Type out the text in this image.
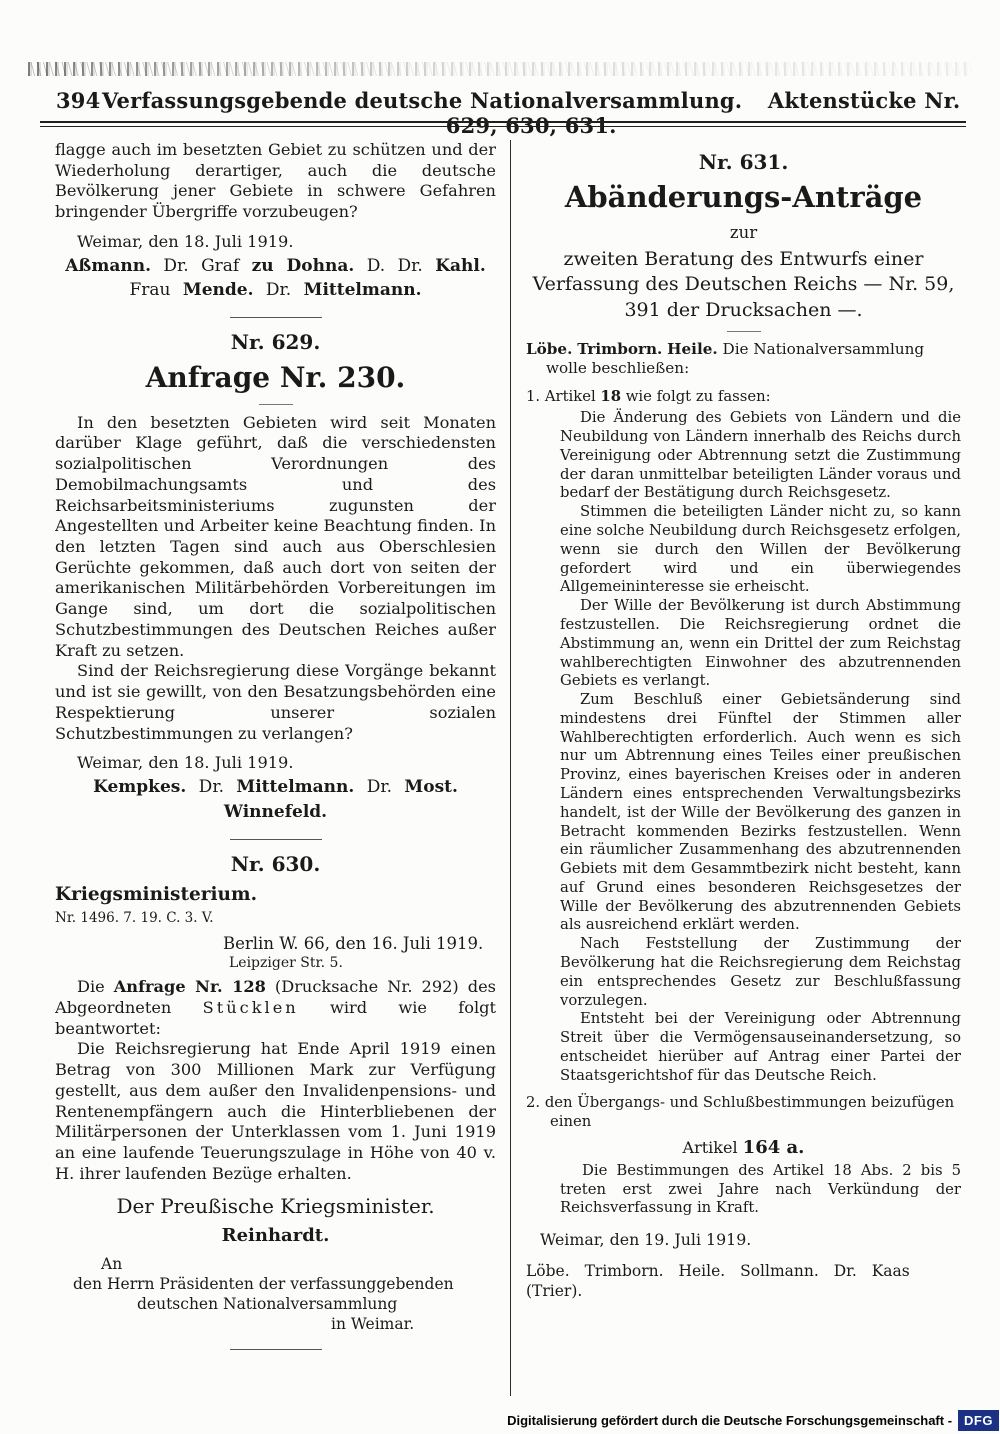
394 Verfassungsgebende deutsche Nationalversammlung. Aktenstücke Nr. 629, 630, 631.

flagge auch im besetzten Gebiet zu schützen und der Wiederholung derartiger, auch die deutsche Bevölkerung jener Gebiete in schwere Gefahren bringender Übergriffe vorzubeugen?

Weimar, den 18. Juli 1919.

Aßmann. Dr. Graf zu Dohna. D. Dr. Kahl.

Frau Mende. Dr. Mittelmann.

Nr. 629.

Anfrage Nr. 230.

In den besetzten Gebieten wird seit Monaten darüber Klage geführt, daß die verschiedensten sozialpolitischen Verordnungen des Demobilmachungsamts und des Reichsarbeitsministeriums zugunsten der Angestellten und Arbeiter keine Beachtung finden. In den letzten Tagen sind auch aus Oberschlesien Gerüchte gekommen, daß auch dort von seiten der amerikanischen Militärbehörden Vorbereitungen im Gange sind, um dort die sozialpolitischen Schutzbestimmungen des Deutschen Reiches außer Kraft zu setzen.

Sind der Reichsregierung diese Vorgänge bekannt und ist sie gewillt, von den Besatzungsbehörden eine Respektierung unserer sozialen Schutzbestimmungen zu verlangen?

Weimar, den 18. Juli 1919.

Kempkes. Dr. Mittelmann. Dr. Most.

Winnefeld.

Nr. 630.

Kriegsministerium.

Nr. 1496. 7. 19. C. 3. V.

Berlin W. 66, den 16. Juli 1919.

Leipziger Str. 5.

Die Anfrage Nr. 128 (Drucksache Nr. 292) des Abgeordneten Stücklen wird wie folgt beantwortet:

Die Reichsregierung hat Ende April 1919 einen Betrag von 300 Millionen Mark zur Verfügung gestellt, aus dem außer den Invalidenpensions- und Rentenempfängern auch die Hinterbliebenen der Militärpersonen der Unterklassen vom 1. Juni 1919 an eine laufende Teuerungszulage in Höhe von 40 v. H. ihrer laufenden Bezüge erhalten.

Der Preußische Kriegsminister.

Reinhardt.

An

den Herrn Präsidenten der verfassunggebenden

deutschen Nationalversammlung

in Weimar.

Nr. 631.

Abänderungs-Anträge

zur

zweiten Beratung des Entwurfs einer Verfassung des Deutschen Reichs — Nr. 59, 391 der Drucksachen —.

Löbe. Trimborn. Heile. Die Nationalversammlung wolle beschließen:

1. Artikel 18 wie folgt zu fassen:

Die Änderung des Gebiets von Ländern und die Neubildung von Ländern innerhalb des Reichs durch Vereinigung oder Abtrennung setzt die Zustimmung der daran unmittelbar beteiligten Länder voraus und bedarf der Bestätigung durch Reichsgesetz.

Stimmen die beteiligten Länder nicht zu, so kann eine solche Neubildung durch Reichsgesetz erfolgen, wenn sie durch den Willen der Bevölkerung gefordert wird und ein überwiegendes Allgemeininteresse sie erheischt.

Der Wille der Bevölkerung ist durch Abstimmung festzustellen. Die Reichsregierung ordnet die Abstimmung an, wenn ein Drittel der zum Reichstag wahlberechtigten Einwohner des abzutrennenden Gebiets es verlangt.

Zum Beschluß einer Gebietsänderung sind mindestens drei Fünftel der Stimmen aller Wahlberechtigten erforderlich. Auch wenn es sich nur um Abtrennung eines Teiles einer preußischen Provinz, eines bayerischen Kreises oder in anderen Ländern eines entsprechenden Verwaltungsbezirks handelt, ist der Wille der Bevölkerung des ganzen in Betracht kommenden Bezirks festzustellen. Wenn ein räumlicher Zusammenhang des abzutrennenden Gebiets mit dem Gesammtbezirk nicht besteht, kann auf Grund eines besonderen Reichsgesetzes der Wille der Bevölkerung des abzutrennenden Gebiets als ausreichend erklärt werden.

Nach Feststellung der Zustimmung der Bevölkerung hat die Reichsregierung dem Reichstag ein entsprechendes Gesetz zur Beschlußfassung vorzulegen.

Entsteht bei der Vereinigung oder Abtrennung Streit über die Vermögensauseinandersetzung, so entscheidet hierüber auf Antrag einer Partei der Staatsgerichtshof für das Deutsche Reich.

2. den Übergangs- und Schlußbestimmungen beizufügen einen

Artikel 164 a.

Die Bestimmungen des Artikel 18 Abs. 2 bis 5 treten erst zwei Jahre nach Verkündung der Reichsverfassung in Kraft.

Weimar, den 19. Juli 1919.

Löbe. Trimborn. Heile. Sollmann. Dr. Kaas (Trier).

Digitalisierung gefördert durch die Deutsche Forschungsgemeinschaft - DFG
